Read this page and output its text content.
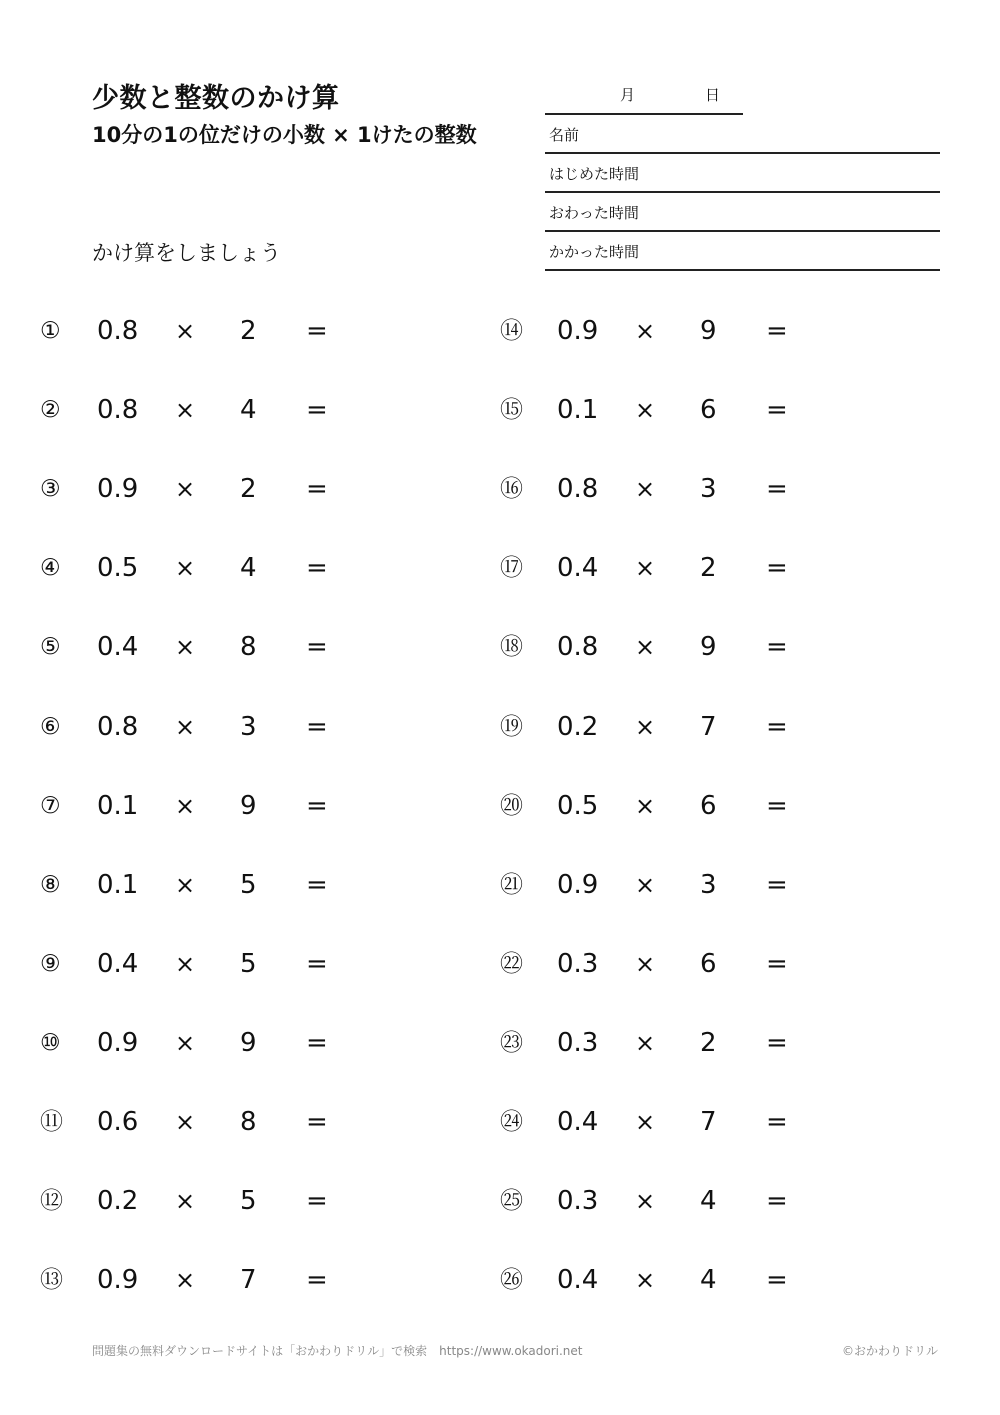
少数と整数のかけ算
10分の1の位だけの小数 × 1けたの整数
かけ算をしましょう
月	日
名前
はじめた時間
おわった時間
かかった時間
① 0.8 × 2 =
② 0.8 × 4 =
③ 0.9 × 2 =
④ 0.5 × 4 =
⑤ 0.4 × 8 =
⑥ 0.8 × 3 =
⑦ 0.1 × 9 =
⑧ 0.1 × 5 =
⑨ 0.4 × 5 =
⑩ 0.9 × 9 =
⑪ 0.6 × 8 =
⑫ 0.2 × 5 =
⑬ 0.9 × 7 =
⑭ 0.9 × 9 =
⑮ 0.1 × 6 =
⑯ 0.8 × 3 =
⑰ 0.4 × 2 =
⑱ 0.8 × 9 =
⑲ 0.2 × 7 =
⑳ 0.5 × 6 =
㉑ 0.9 × 3 =
㉒ 0.3 × 6 =
㉓ 0.3 × 2 =
㉔ 0.4 × 7 =
㉕ 0.3 × 4 =
㉖ 0.4 × 4 =
問題集の無料ダウンロードサイトは「おかわりドリル」で検索　https://www.okadori.net	©おかわりドリル
